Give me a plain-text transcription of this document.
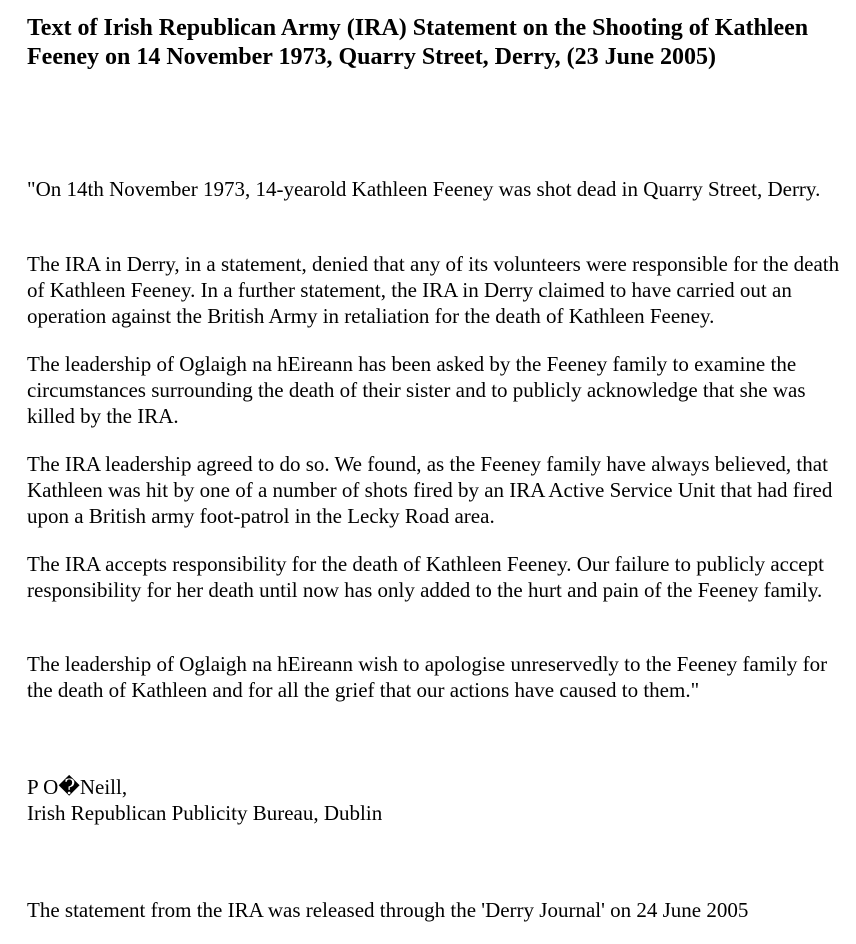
Text of Irish Republican Army (IRA) Statement on the Shooting of Kathleen Feeney on 14 November 1973, Quarry Street, Derry, (23 June 2005)

"On 14th November 1973, 14-yearold Kathleen Feeney was shot dead in Quarry Street, Derry.

The IRA in Derry, in a statement, denied that any of its volunteers were responsible for the death of Kathleen Feeney. In a further statement, the IRA in Derry claimed to have carried out an operation against the British Army in retaliation for the death of Kathleen Feeney.

The leadership of Oglaigh na hEireann has been asked by the Feeney family to examine the circumstances surrounding the death of their sister and to publicly acknowledge that she was killed by the IRA.

The IRA leadership agreed to do so. We found, as the Feeney family have always believed, that Kathleen was hit by one of a number of shots fired by an IRA Active Service Unit that had fired upon a British army foot-patrol in the Lecky Road area.

The IRA accepts responsibility for the death of Kathleen Feeney. Our failure to publicly accept responsibility for her death until now has only added to the hurt and pain of the Feeney family.

The leadership of Oglaigh na hEireann wish to apologise unreservedly to the Feeney family for the death of Kathleen and for all the grief that our actions have caused to them."

P O�Neill,

Irish Republican Publicity Bureau, Dublin

The statement from the IRA was released through the 'Derry Journal' on 24 June 2005
